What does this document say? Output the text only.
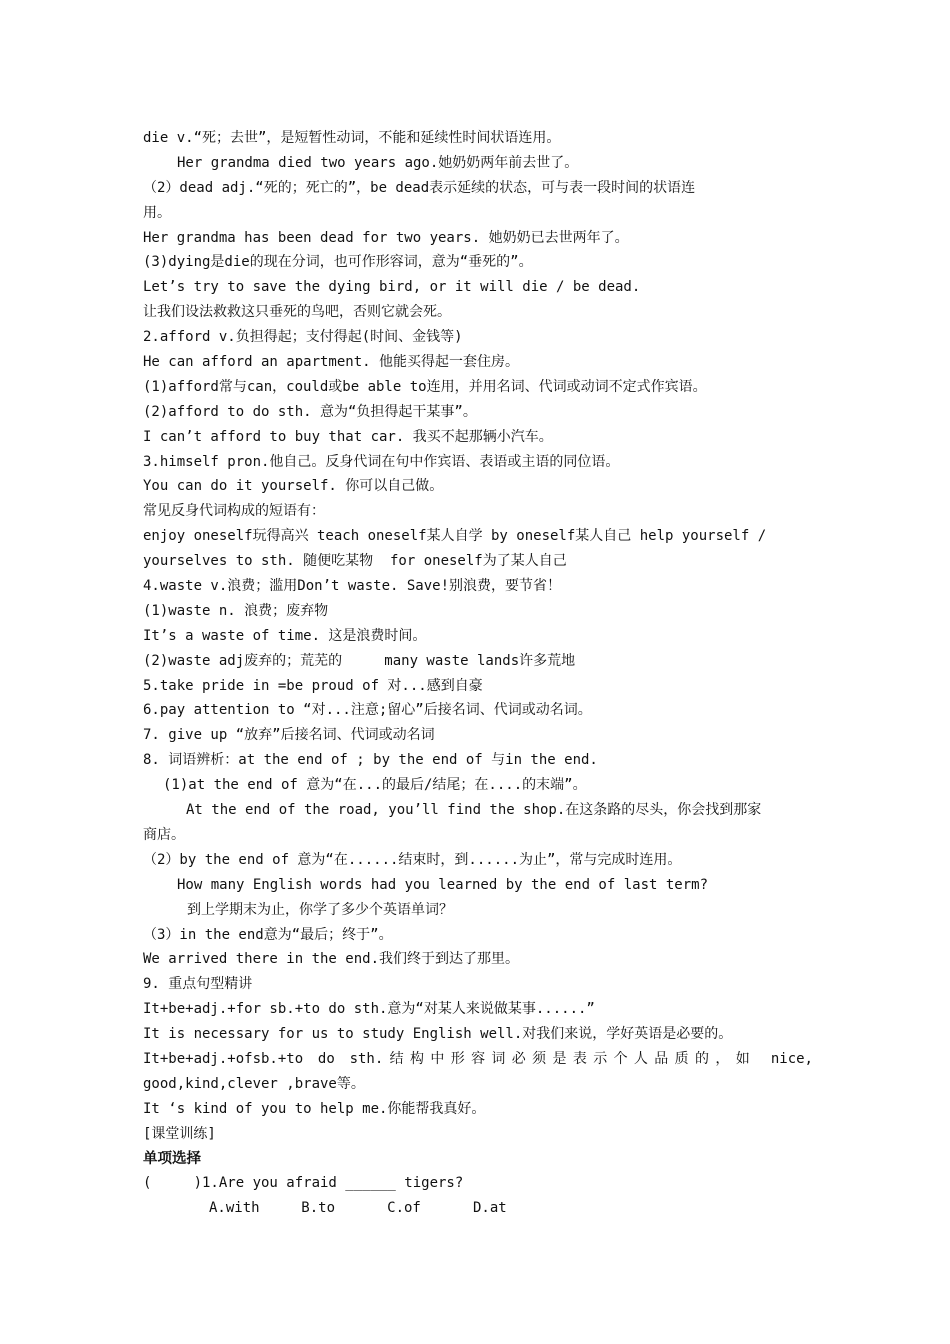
die v.“死；去世”，是短暂性动词，不能和延续性时间状语连用。
Her grandma died two years ago.她奶奶两年前去世了。
（2）dead adj.“死的；死亡的”，be dead表示延续的状态，可与表一段时间的状语连
用。
Her grandma has been dead for two years. 她奶奶已去世两年了。
(3)dying是die的现在分词，也可作形容词，意为“垂死的”。
Let’s try to save the dying bird, or it will die / be dead.
让我们设法救救这只垂死的鸟吧，否则它就会死。
2.afford v.负担得起；支付得起(时间、金钱等)
He can afford an apartment. 他能买得起一套住房。
(1)afford常与can，could或be able to连用，并用名词、代词或动词不定式作宾语。
(2)afford to do sth. 意为“负担得起干某事”。
I can’t afford to buy that car. 我买不起那辆小汽车。
3.himself pron.他自己。反身代词在句中作宾语、表语或主语的同位语。
You can do it yourself. 你可以自己做。
常见反身代词构成的短语有：
enjoy oneself玩得高兴 teach oneself某人自学 by oneself某人自己 help yourself /
yourselves to sth. 随便吃某物  for oneself为了某人自己
4.waste v.浪费；滥用Don’t waste. Save!别浪费，要节省！
(1)waste n. 浪费；废弃物
It’s a waste of time. 这是浪费时间。
(2)waste adj废弃的；荒芜的     many waste lands许多荒地
5.take pride in =be proud of 对...感到自豪
6.pay attention to “对...注意;留心”后接名词、代词或动名词。
7. give up “放弃”后接名词、代词或动名词
8. 词语辨析：at the end of ; by the end of 与in the end.
(1)at the end of 意为“在...的最后/结尾；在....的末端”。
At the end of the road, you’ll find the shop.在这条路的尽头，你会找到那家
商店。
（2）by the end of 意为“在......结束时，到......为止”，常与完成时连用。
How many English words had you learned by the end of last term?
到上学期末为止，你学了多少个英语单词？
（3）in the end意为“最后；终于”。
We arrived there in the end.我们终于到达了那里。
9. 重点句型精讲
It+be+adj.+for sb.+to do sth.意为“对某人来说做某事......”
It is necessary for us to study English well.对我们来说，学好英语是必要的。
It+be+adj.+ofsb.+to do sth.结构中形容词必须是表示个人品质的，如 nice,
good,kind,clever ,brave等。
It ‘s kind of you to help me.你能帮我真好。
[课堂训练]
单项选择
(     )1.Are you afraid ______ tigers?
A.with    B.to     C.of     D.at
